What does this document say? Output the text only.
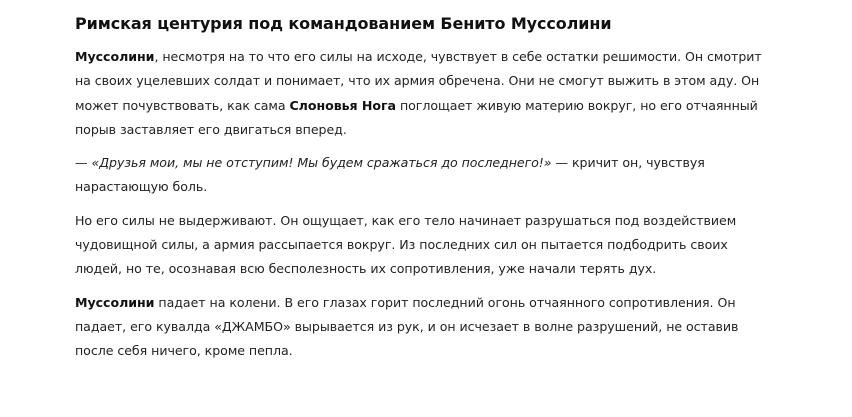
Римская центурия под командованием Бенито Муссолини

Муссолини, несмотря на то что его силы на исходе, чувствует в себе остатки решимости. Он смотрит на своих уцелевших солдат и понимает, что их армия обречена. Они не смогут выжить в этом аду. Он может почувствовать, как сама Слоновья Нога поглощает живую материю вокруг, но его отчаянный порыв заставляет его двигаться вперед.

— «Друзья мои, мы не отступим! Мы будем сражаться до последнего!» — кричит он, чувствуя нарастающую боль.

Но его силы не выдерживают. Он ощущает, как его тело начинает разрушаться под воздействием чудовищной силы, а армия рассыпается вокруг. Из последних сил он пытается подбодрить своих людей, но те, осознавая всю бесполезность их сопротивления, уже начали терять дух.

Муссолини падает на колени. В его глазах горит последний огонь отчаянного сопротивления. Он падает, его кувалда «ДЖАМБО» вырывается из рук, и он исчезает в волне разрушений, не оставив после себя ничего, кроме пепла.
